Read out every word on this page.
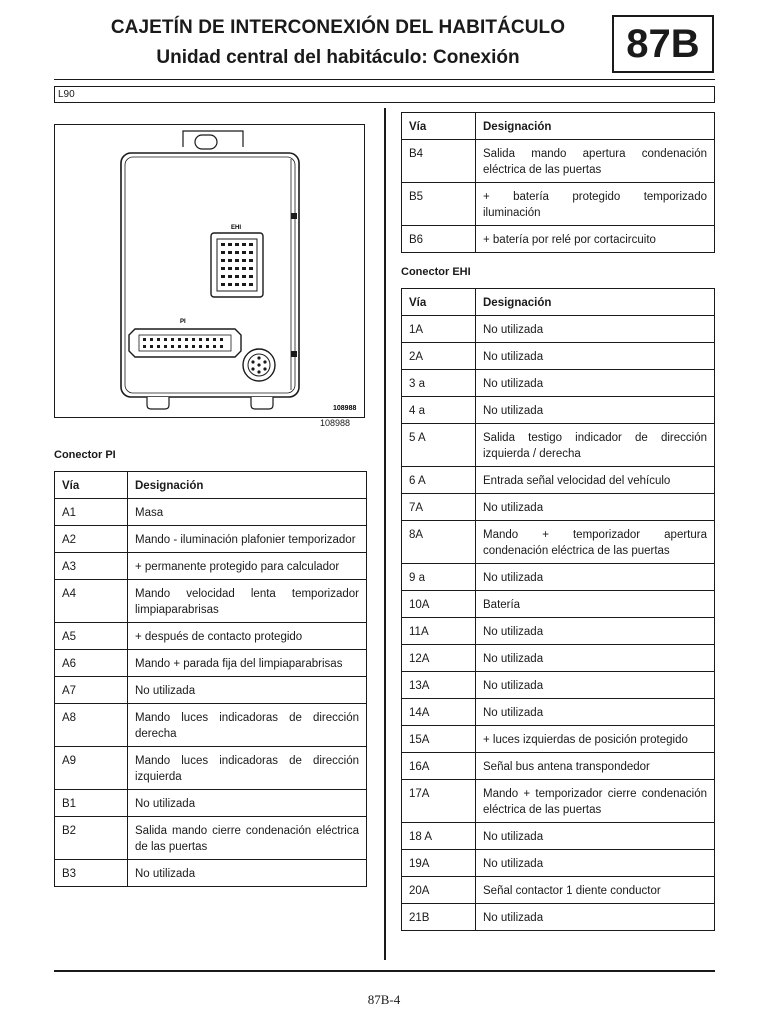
CAJETÍN DE INTERCONEXIÓN DEL HABITÁCULO
Unidad central del habitáculo: Conexión	87B
L90
EHI
PI
108988
108988
Conector PI
Vía	Designación
A1	Masa
A2	Mando - iluminación plafonier temporizador
A3	+ permanente protegido para calculador
A4	Mando velocidad lenta temporizador limpiaparabrisas
A5	+ después de contacto protegido
A6	Mando + parada fija del limpiaparabrisas
A7	No utilizada
A8	Mando luces indicadoras de dirección derecha
A9	Mando luces indicadoras de dirección izquierda
B1	No utilizada
B2	Salida mando cierre condenación eléctrica de las puertas
B3	No utilizada
Vía	Designación
B4	Salida mando apertura condenación eléctrica de las puertas
B5	+ batería protegido temporizado iluminación
B6	+ batería por relé por cortacircuito
Conector EHI
Vía	Designación
1A	No utilizada
2A	No utilizada
3 a	No utilizada
4 a	No utilizada
5 A	Salida testigo indicador de dirección izquierda / derecha
6 A	Entrada señal velocidad del vehículo
7A	No utilizada
8A	Mando + temporizador apertura condenación eléctrica de las puertas
9 a	No utilizada
10A	Batería
11A	No utilizada
12A	No utilizada
13A	No utilizada
14A	No utilizada
15A	+ luces izquierdas de posición protegido
16A	Señal bus antena transpondedor
17A	Mando + temporizador cierre condenación eléctrica de las puertas
18 A	No utilizada
19A	No utilizada
20A	Señal contactor 1 diente conductor
21B	No utilizada
87B-4
